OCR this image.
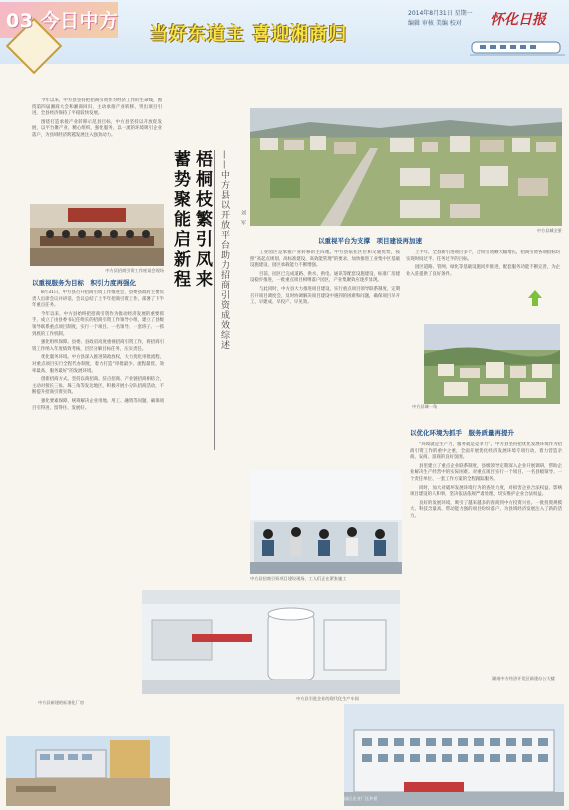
03 今日中方
当好东道主 喜迎湘商归
2014年8月31日 星期一
编辑 审核 美编 校对 怀化日报

今年以来，中方县坚持把招商引资作为经济工作的生命线，围绕第四届湘商大会和湘商回归，主动承接产业转移，突出项目引进，全县经济保持了平稳较快发展。

围绕打造承接产业转移示范县目标，中方县坚持以开放促发展，以平台聚产业，精心组织，强化服务，以一流的环境吸引企业落户，为县域经济跨越发展注入强劲动力。

中方县招商引资工作座谈会现场
以重视服务为目标　积引力度再强化

8月31日，中方县召开招商引资工作推进会，县委县政府主要负责人出席会议并讲话。会议总结了上半年招商引资工作，部署了下半年重点任务。

今年以来，中方县始终把招商引资作为推动经济发展的重要抓手，成立了由县委书记任组长的招商引资工作领导小组，建立了县级领导联系重点项目制度，实行一个项目、一名领导、一套班子、一抓到底的工作机制。

强化组织保障。县委、县政府高度重视招商引资工作，将招商引资工作纳入年度绩效考核，层层分解目标任务，压实责任。

优化服务环境。中方县深入推进简政放权，大力优化审批流程，对重点项目实行全程代办制度，着力打造“审批最少、流程最优、效率最高、服务最好”的发展环境。

创新招商方式。坚持以商招商、驻点招商、产业链招商相结合，主动对接长三角、珠三角等发达地区，积极开展小分队招商活动，不断提升招商引资实效。

强化要素保障，统筹解决企业用地、用工、融资等问题，确保项目引得进、留得住、发展好。

梧桐枝繁引凤来
蓄势聚能启新程	——中方县以开放平台助力招商引资成效综述	刘　军
中方县城全景
以重视平台为支撑　项目建设再加速

工业园区是承接产业转移的主阵地。中方县依托区位和交通优势，按照“高起点规划、高标准建设、高效能管理”的要求，加快推进工业集中区基础设施建设，园区承载能力不断增强。

目前，园区已完成道路、供水、供电、通讯等配套设施建设，标准厂房建设稳步推进，一批重点项目相继落户园区，产业集聚效应逐步显现。

与此同时，中方县大力推进项目建设，实行重点项目领导联系制度，定期召开项目调度会，及时协调解决项目建设中遇到的困难和问题，确保项目早开工、早建成、早投产、早见效。

上半年，全县新引进项目多个，合同引资额大幅增长，招商引资各项指标均实现时间过半、任务过半的目标。

园区道路、管网、绿化等基础设施同步推进，配套服务功能不断完善，为企业入驻提供了良好条件。

中方县城一角
以优化环境为抓手　服务质量再提升

“环境就是生产力，服务就是竞争力”。中方县坚持把优化发展环境作为招商引资工作的重中之重，全面开展优化经济发展环境专项行动，着力营造亲商、安商、富商的良好氛围。

县里建立了重点企业联系制度，县级领导定期深入企业开展调研，帮助企业解决生产经营中的实际困难。对重点项目实行一个项目、一名县级领导、一个责任单位、一套工作方案的全程跟踪服务。

同时，加大对破坏发展环境行为的查处力度，对损害企业合法权益、影响项目建设的人和事，坚决依法依规严肃处理，切实维护企业合法权益。

良好的发展环境，吸引了越来越多的客商到中方投资兴业。一批投资规模大、科技含量高、带动能力强的项目纷纷落户，为县域经济发展注入了新的活力。

中方县招商引资项目建设现场，工人们正在紧张施工
中方县引进企业的现代化生产车间
中方县新建的标准化厂房
湖南中方经济开发区新建办公大楼
园区企业厂区外景
